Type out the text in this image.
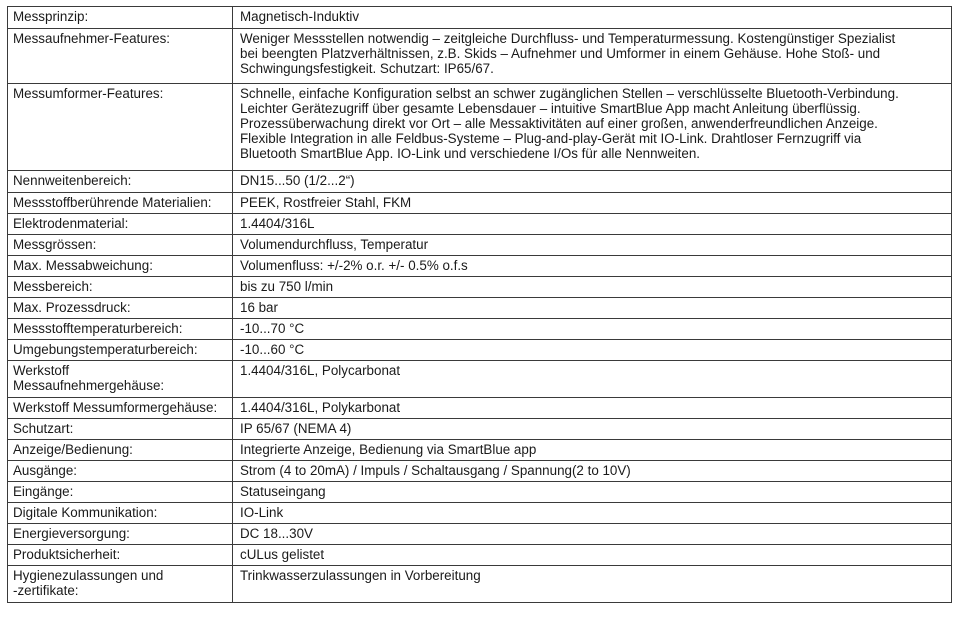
Messprinzip:	Magnetisch-Induktiv
Messaufnehmer-Features:	Weniger Messstellen notwendig – zeitgleiche Durchfluss- und Temperaturmessung. Kostengünstiger Spezialist
bei beengten Platzverhältnissen, z.B. Skids – Aufnehmer und Umformer in einem Gehäuse. Hohe Stoß- und
Schwingungsfestigkeit. Schutzart: IP65/67.
Messumformer-Features:	Schnelle, einfache Konfiguration selbst an schwer zugänglichen Stellen – verschlüsselte Bluetooth-Verbindung.
Leichter Gerätezugriff über gesamte Lebensdauer – intuitive SmartBlue App macht Anleitung überflüssig.
Prozessüberwachung direkt vor Ort – alle Messaktivitäten auf einer großen, anwenderfreundlichen Anzeige.
Flexible Integration in alle Feldbus-Systeme – Plug-and-play-Gerät mit IO-Link. Drahtloser Fernzugriff via
Bluetooth SmartBlue App. IO-Link und verschiedene I/Os für alle Nennweiten.
Nennweitenbereich:	DN15...50 (1/2...2“)
Messstoffberührende Materialien:	PEEK, Rostfreier Stahl, FKM
Elektrodenmaterial:	1.4404/316L
Messgrössen:	Volumendurchfluss, Temperatur
Max. Messabweichung:	Volumenfluss: +/-2% o.r. +/- 0.5% o.f.s
Messbereich:	bis zu 750 l/min
Max. Prozessdruck:	16 bar
Messstofftemperaturbereich:	-10...70 °C
Umgebungstemperaturbereich:	-10...60 °C
Werkstoff
Messaufnehmergehäuse:	1.4404/316L, Polycarbonat
Werkstoff Messumformergehäuse:	1.4404/316L, Polykarbonat
Schutzart:	IP 65/67 (NEMA 4)
Anzeige/Bedienung:	Integrierte Anzeige, Bedienung via SmartBlue app
Ausgänge:	Strom (4 to 20mA) / Impuls / Schaltausgang / Spannung(2 to 10V)
Eingänge:	Statuseingang
Digitale Kommunikation:	IO-Link
Energieversorgung:	DC 18...30V
Produktsicherheit:	cULus gelistet
Hygienezulassungen und
-zertifikate:	Trinkwasserzulassungen in Vorbereitung
